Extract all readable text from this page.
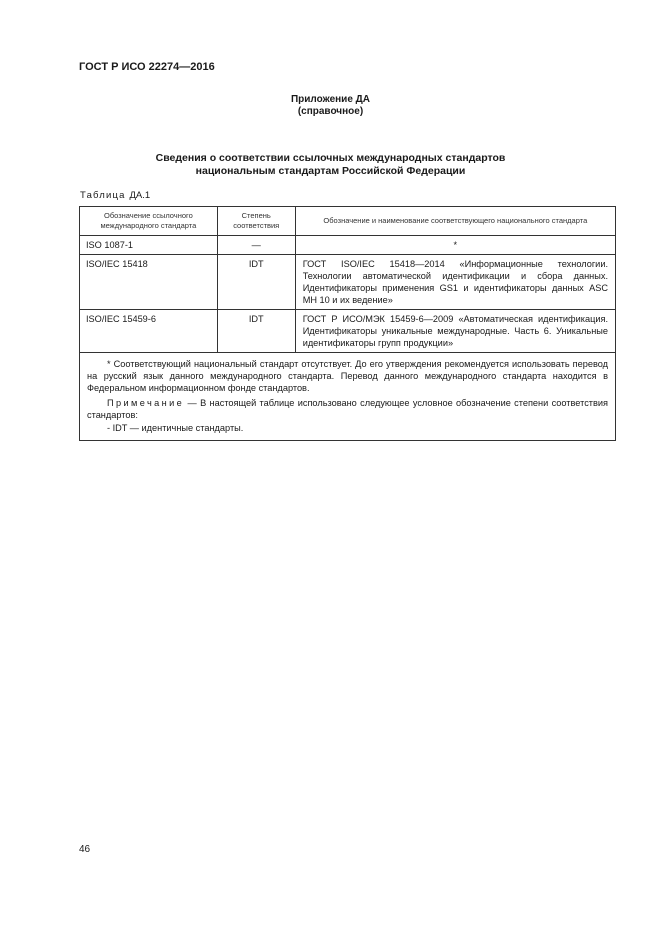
ГОСТ Р ИСО 22274—2016
Приложение ДА
(справочное)
Сведения о соответствии ссылочных международных стандартов
национальным стандартам Российской Федерации
Таблица ДА.1
Обозначение ссылочного международного стандарта	Степень соответствия	Обозначение и наименование соответствующего национального стандарта
ISO 1087-1	—	*
ISO/IEC 15418	IDT	ГОСТ ISO/IEC 15418—2014 «Информационные технологии. Технологии автоматической идентификации и сбора данных. Идентификаторы применения GS1 и идентификаторы данных ASC MH 10 и их ведение»
ISO/IEC 15459-6	IDT	ГОСТ Р ИСО/МЭК 15459-6—2009 «Автоматическая идентификация. Идентификаторы уникальные международные. Часть 6. Уникальные идентификаторы групп продукции»

* Соответствующий национальный стандарт отсутствует. До его утверждения рекомендуется использовать перевод на русский язык данного международного стандарта. Перевод данного международного стандарта находится в Федеральном информационном фонде стандартов.

Примечание — В настоящей таблице использовано следующее условное обозначение степени соответствия стандартов:

- IDT — идентичные стандарты.		

46
